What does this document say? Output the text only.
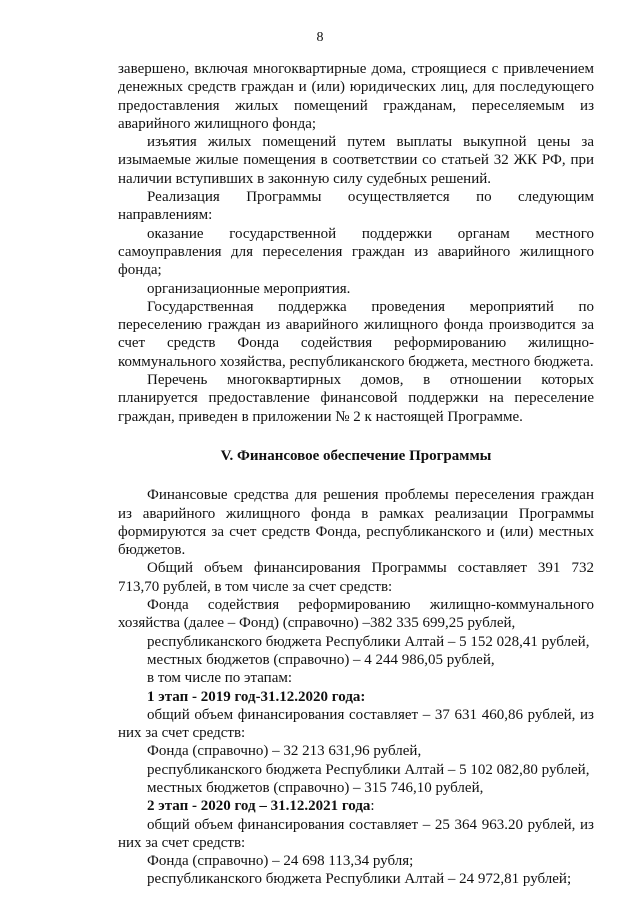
8

завершено, включая многоквартирные дома, строящиеся с привлечением денежных средств граждан и (или) юридических лиц, для последующего предоставления жилых помещений гражданам, переселяемым из аварийного жилищного фонда;

изъятия жилых помещений путем выплаты выкупной цены за изымаемые жилые помещения в соответствии со статьей 32 ЖК РФ, при наличии вступивших в законную силу судебных решений.

Реализация Программы осуществляется по следующим направлениям:

оказание государственной поддержки органам местного самоуправления для переселения граждан из аварийного жилищного фонда;

организационные мероприятия.

Государственная поддержка проведения мероприятий по переселению граждан из аварийного жилищного фонда производится за счет средств Фонда содействия реформированию жилищно-коммунального хозяйства, республиканского бюджета, местного бюджета.

Перечень многоквартирных домов, в отношении которых планируется предоставление финансовой поддержки на переселение граждан, приведен в приложении № 2 к настоящей Программе.

V. Финансовое обеспечение Программы

Финансовые средства для решения проблемы переселения граждан из аварийного жилищного фонда в рамках реализации Программы формируются за счет средств Фонда, республиканского и (или) местных бюджетов.

Общий объем финансирования Программы составляет 391 732 713,70 рублей, в том числе за счет средств:

Фонда содействия реформированию жилищно-коммунального хозяйства (далее – Фонд) (справочно) –382 335 699,25 рублей,

республиканского бюджета Республики Алтай – 5 152 028,41 рублей,

местных бюджетов (справочно) – 4 244 986,05 рублей,

в том числе по этапам:

1 этап - 2019 год-31.12.2020 года:

общий объем финансирования составляет – 37 631 460,86 рублей, из них за счет средств:

Фонда (справочно) – 32 213 631,96 рублей,

республиканского бюджета Республики Алтай – 5 102 082,80 рублей,

местных бюджетов (справочно) – 315 746,10 рублей,

2 этап - 2020 год – 31.12.2021 года:

общий объем финансирования составляет – 25 364 963.20 рублей, из них за счет средств:

Фонда (справочно) – 24 698 113,34 рубля;

республиканского бюджета Республики Алтай – 24 972,81 рублей;
